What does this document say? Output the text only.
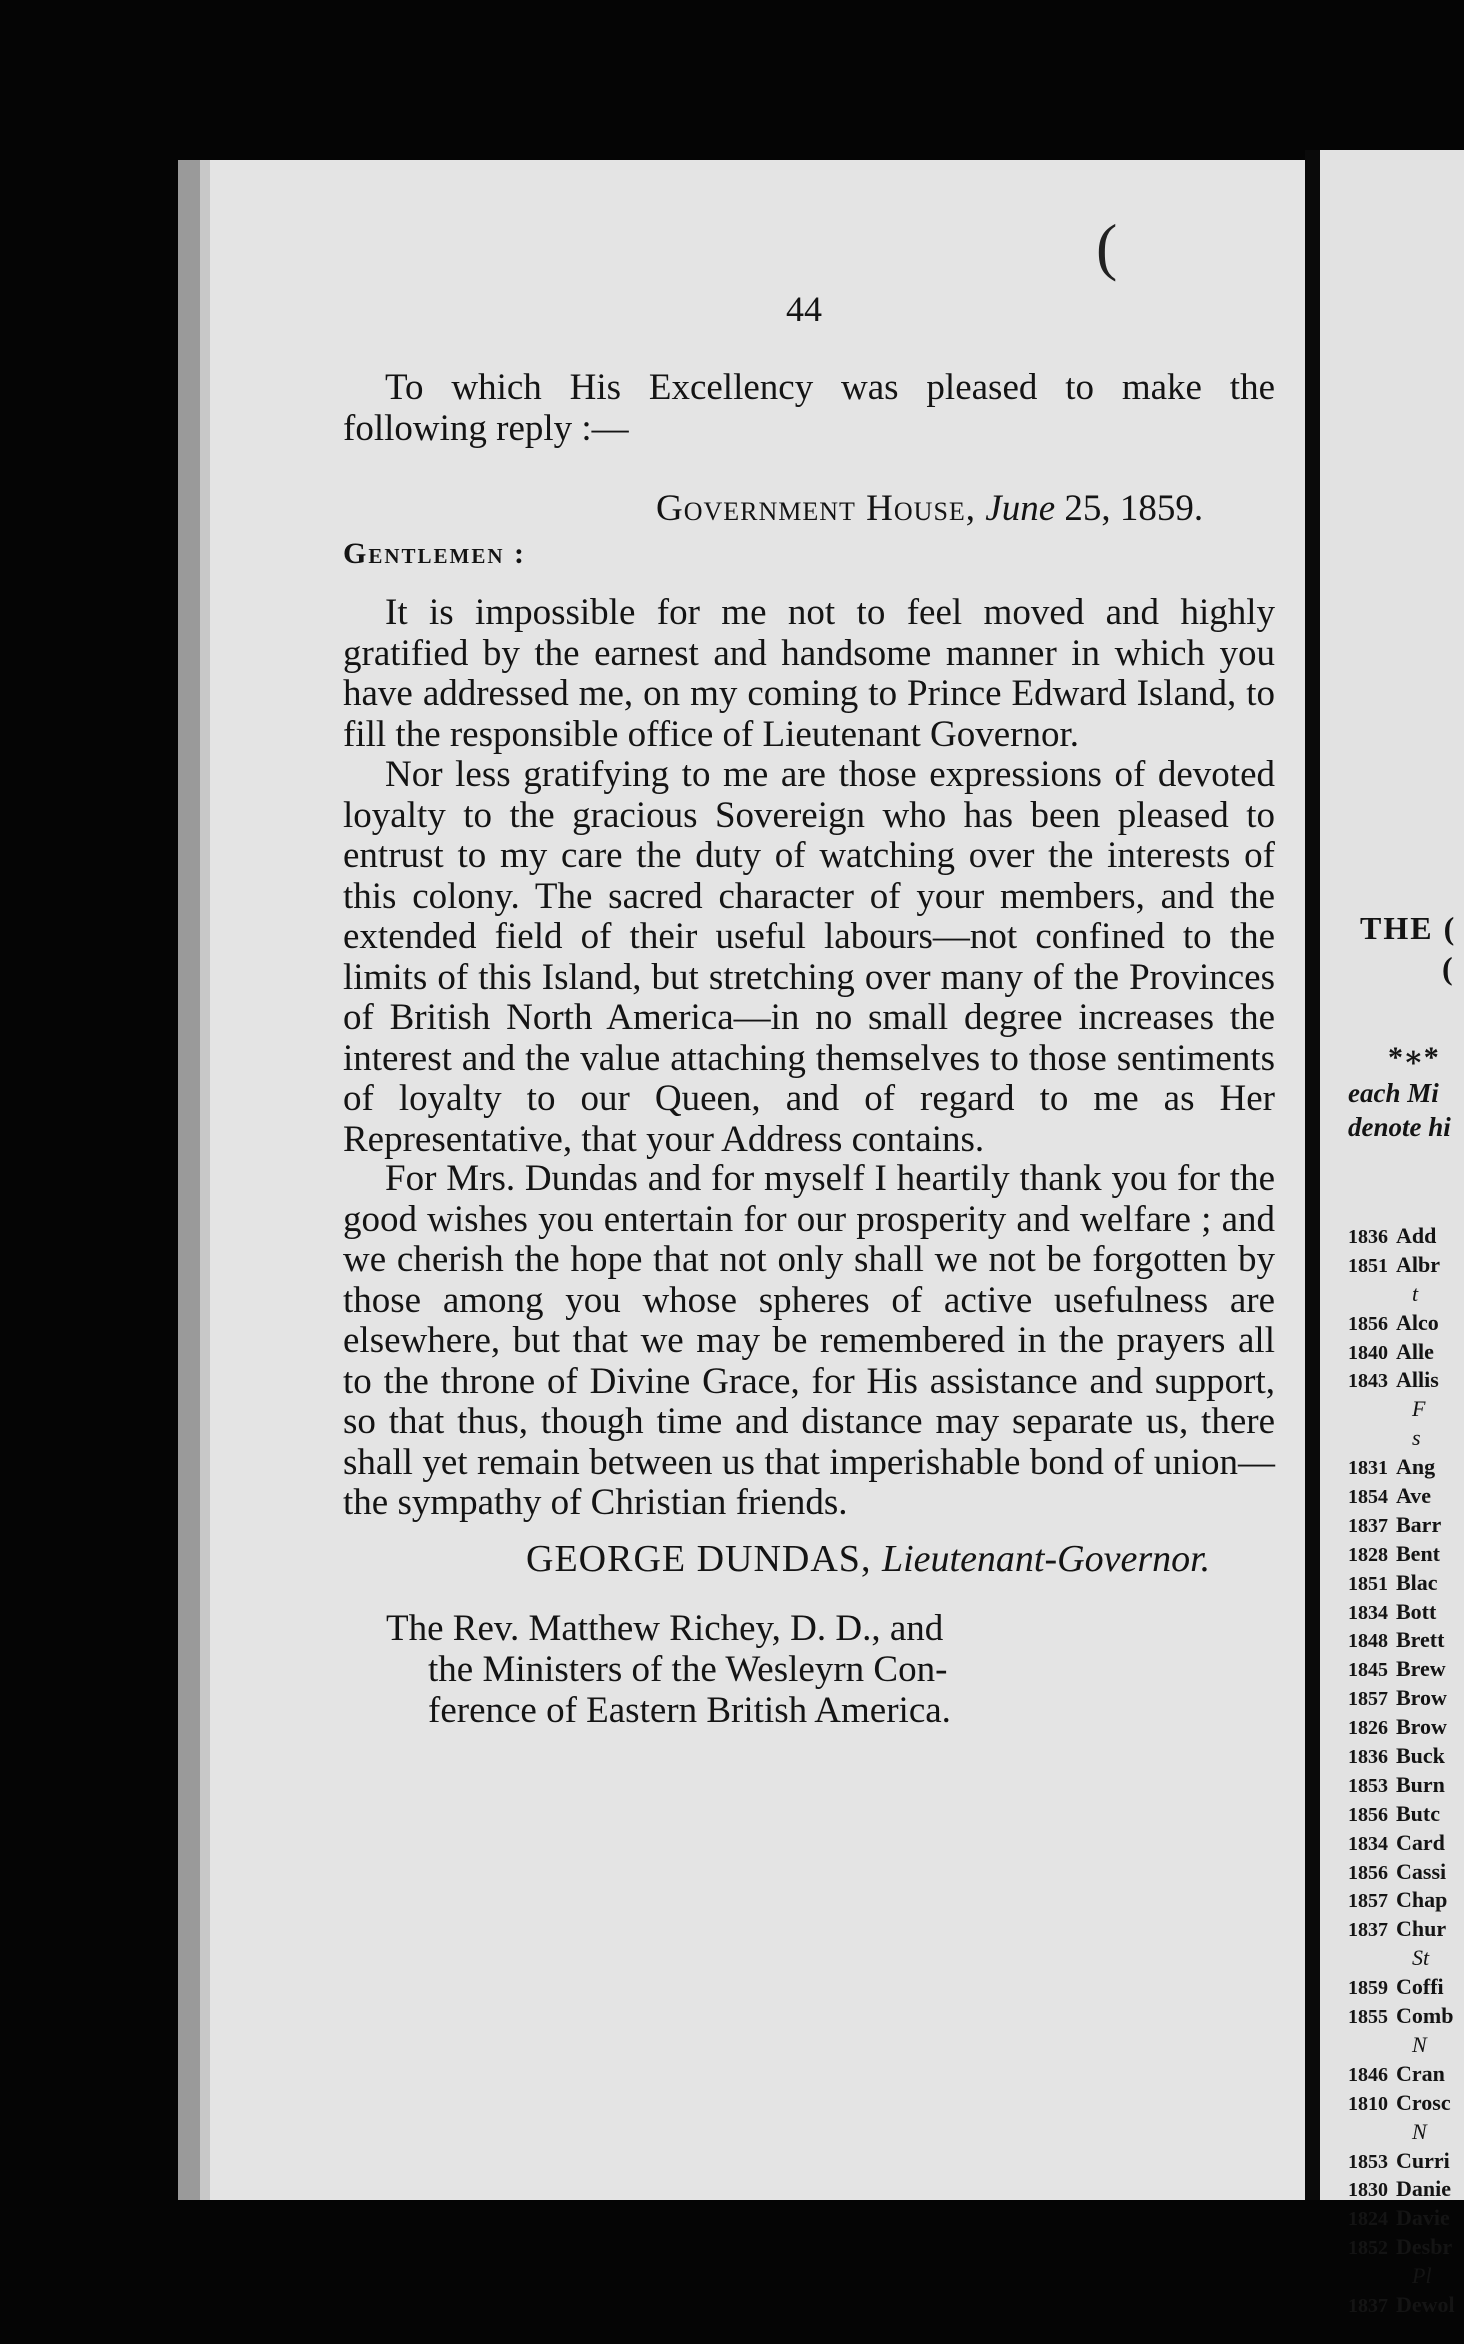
THE (
(
*∗*
each Mi
denote hi
1836 Add
1851 Albr
t
1856 Alco
1840 Alle
1843 Allis
F
s
1831 Ang
1854 Ave
1837 Barr
1828 Bent
1851 Blac
1834 Bott
1848 Brett
1845 Brew
1857 Brow
1826 Brow
1836 Buck
1853 Burn
1856 Butc
1834 Card
1856 Cassi
1857 Chap
1837 Chur
St
1859 Coffi
1855 Comb
N
1846 Cran
1810 Crosc
N
1853 Curri
1830 Danie
1824 Davie
1852 Desbr
Pl
1837 Dewol
(
44

To which His Excellency was pleased to make the following reply :—

Government House, June 25, 1859.
Gentlemen :

It is impossible for me not to feel moved and highly gratified by the earnest and handsome manner in which you have addressed me, on my coming to Prince Edward Island, to fill the responsible office of Lieutenant Governor.

Nor less gratifying to me are those expressions of devoted loyalty to the gracious Sovereign who has been pleased to entrust to my care the duty of watching over the interests of this colony. The sacred character of your members, and the extended field of their useful labours—not confined to the limits of this Island, but stretching over many of the Provinces of British North America—in no small degree increases the interest and the value attaching themselves to those sentiments of loyalty to our Queen, and of regard to me as Her Representative, that your Address contains.

For Mrs. Dundas and for myself I heartily thank you for the good wishes you entertain for our prosperity and welfare ; and we cherish the hope that not only shall we not be forgotten by those among you whose spheres of active usefulness are elsewhere, but that we may be remembered in the prayers all to the throne of Divine Grace, for His assistance and support, so that thus, though time and distance may separate us, there shall yet remain between us that imperishable bond of union—the sympathy of Christian friends.

GEORGE DUNDAS, Lieutenant-Governor.
The Rev. Matthew Richey, D. D., and
the Ministers of the Wesleyrn Con-
ference of Eastern British America.
